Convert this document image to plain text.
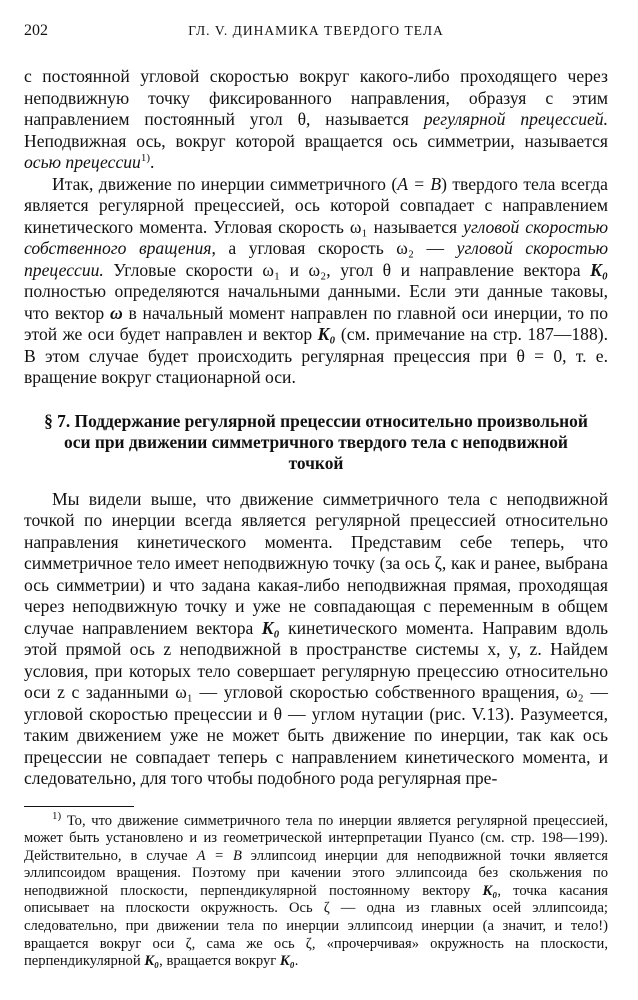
202	ГЛ. V. ДИНАМИКА ТВЕРДОГО ТЕЛА

с постоянной угловой скоростью вокруг какого-либо проходящего через неподвижную точку фиксированного направления, образуя с этим направлением постоянный угол θ, называется регулярной прецессией. Неподвижная ось, вокруг которой вращается ось симметрии, называется осью прецессии$^{1)}$.

Итак, движение по инерции симметричного (A = B) твердого тела всегда является регулярной прецессией, ось которой совпадает с направлением кинетического момента. Угловая скорость ω₁ называется угловой скоростью собственного вращения, а угловая скорость ω₂ — угловой скоростью прецессии. Угловые скорости ω₁ и ω₂, угол θ и направление вектора K₀ полностью определяются начальными данными. Если эти данные таковы, что вектор ω в начальный момент направлен по главной оси инерции, то по этой же оси будет направлен и вектор K₀ (см. примечание на стр. 187—188). В этом случае будет происходить регулярная прецессия при θ = 0, т. е. вращение вокруг стационарной оси.

§ 7. Поддержание регулярной прецессии относительно произвольной оси при движении симметричного твердого тела с неподвижной точкой

Мы видели выше, что движение симметричного тела с неподвижной точкой по инерции всегда является регулярной прецессией относительно направления кинетического момента. Представим себе теперь, что симметричное тело имеет неподвижную точку (за ось ζ, как и ранее, выбрана ось симметрии) и что задана какая-либо неподвижная прямая, проходящая через неподвижную точку и уже не совпадающая с переменным в общем случае направлением вектора K₀ кинетического момента. Направим вдоль этой прямой ось z неподвижной в пространстве системы x, y, z. Найдем условия, при которых тело совершает регулярную прецессию относительно оси z с заданными ω₁ — угловой скоростью собственного вращения, ω₂ — угловой скоростью прецессии и θ — углом нутации (рис. V.13). Разумеется, таким движением уже не может быть движение по инерции, так как ось прецессии не совпадает теперь с направлением кинетического момента, и следовательно, для того чтобы подобного рода регулярная пре-

$^{1)}$ То, что движение симметричного тела по инерции является регулярной прецессией, может быть установлено и из геометрической интерпретации Пуансо (см. стр. 198—199). Действительно, в случае A = B эллипсоид инерции для неподвижной точки является эллипсоидом вращения. Поэтому при качении этого эллипсоида без скольжения по неподвижной плоскости, перпендикулярной постоянному вектору K₀, точка касания описывает на плоскости окружность. Ось ζ — одна из главных осей эллипсоида; следовательно, при движении тела по инерции эллипсоид инерции (а значит, и тело!) вращается вокруг оси ζ, сама же ось ζ, «прочерчивая» окружность на плоскости, перпендикулярной K₀, вращается вокруг K₀.
